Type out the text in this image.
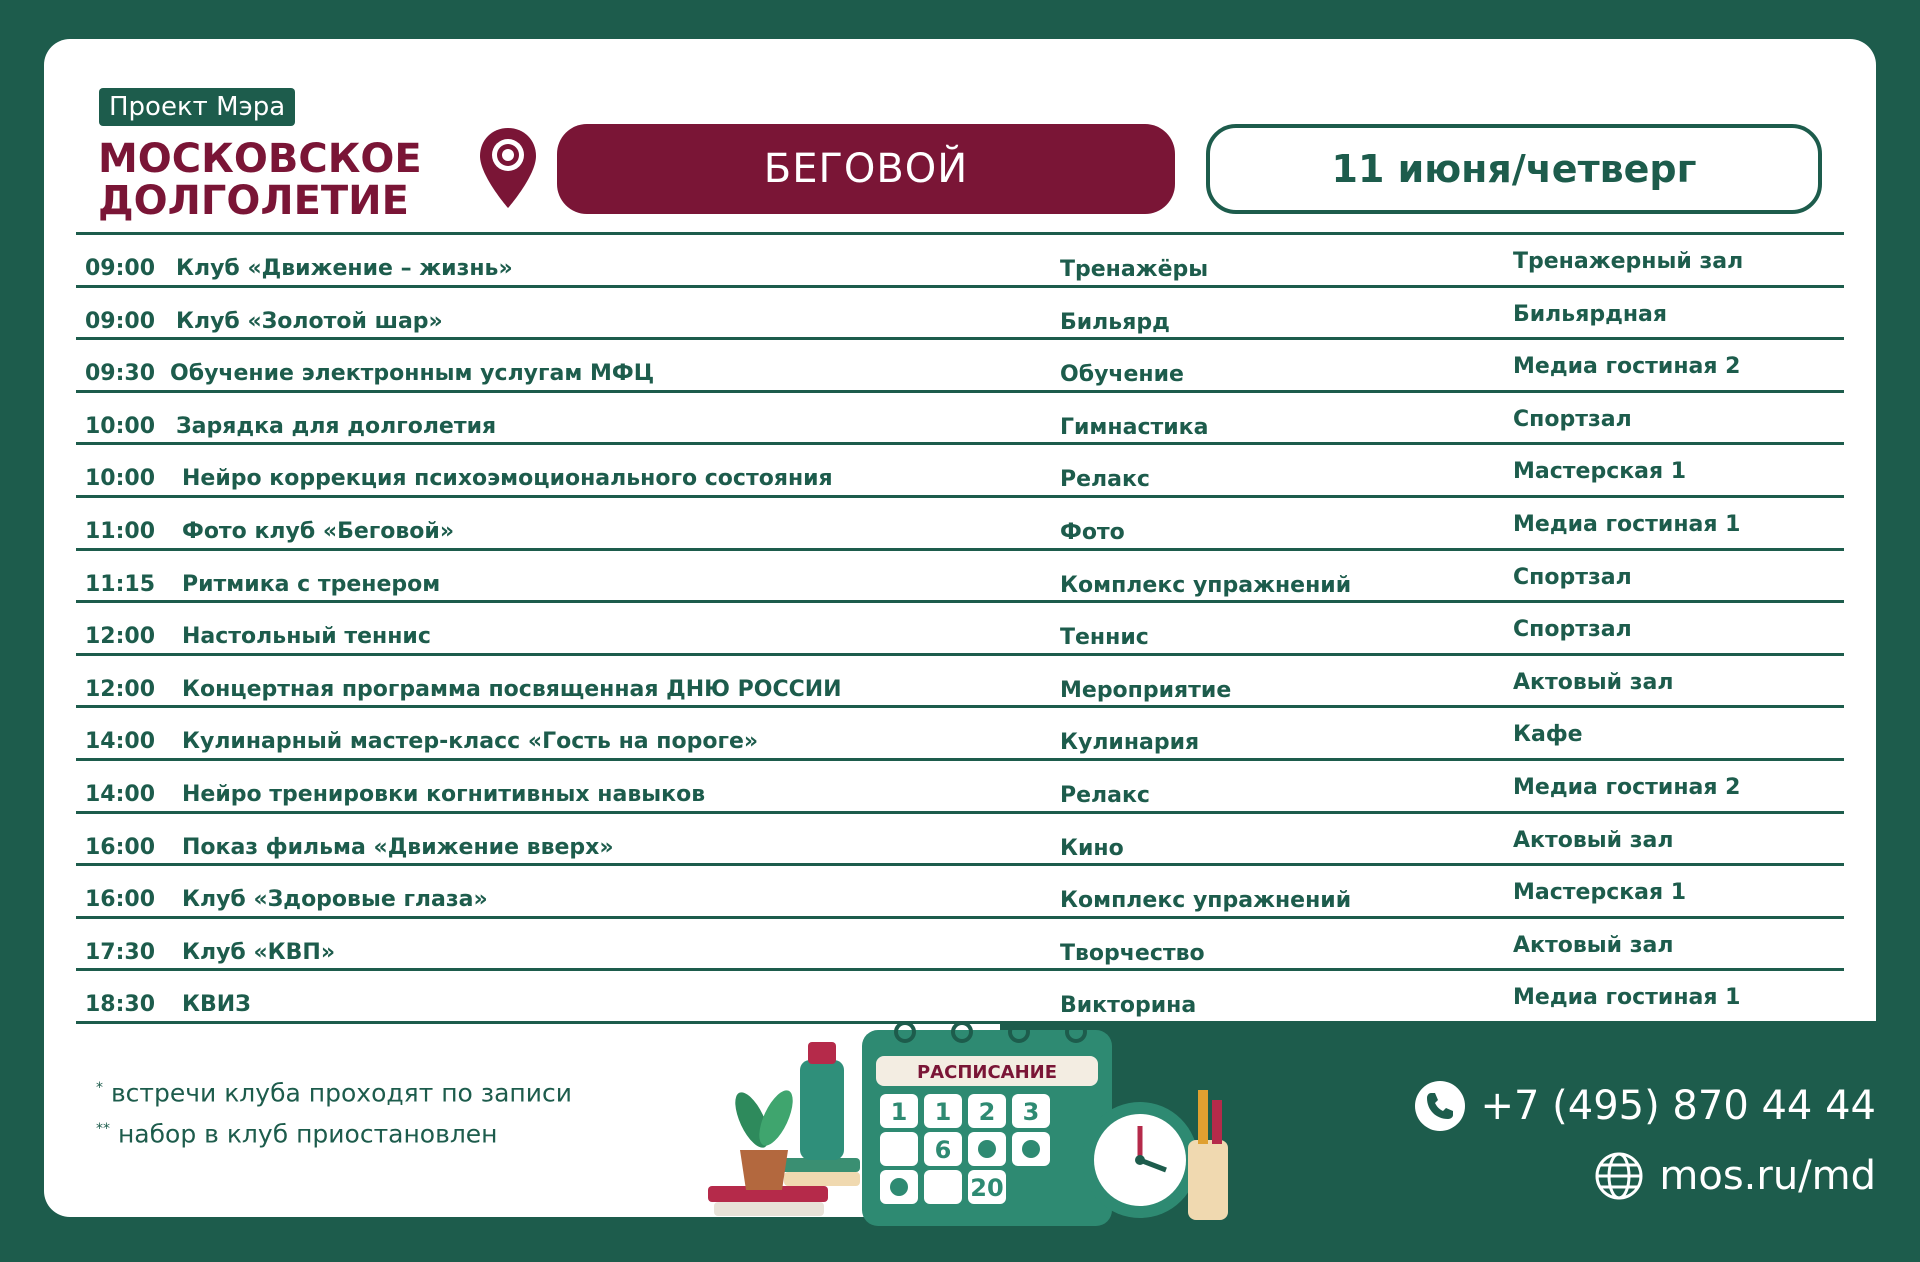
Проект Мэра
МОСКОВСКОЕ
ДОЛГОЛЕТИЕ
БЕГОВОЙ	11 июня/четверг
09:00 Клуб «Движение – жизнь»	Тренажёры	Тренажерный зал
09:00 Клуб «Золотой шар»	Бильярд	Бильярдная
09:30 Обучение электронным услугам МФЦ	Обучение	Медиа гостиная 2
10:00 Зарядка для долголетия	Гимнастика	Спортзал
10:00 Нейро коррекция психоэмоционального состояния	Релакс	Мастерская 1
11:00 Фото клуб «Беговой»	Фото	Медиа гостиная 1
11:15 Ритмика с тренером	Комплекс упражнений	Спортзал
12:00 Настольный теннис	Теннис	Спортзал
12:00 Концертная программа посвященная ДНЮ РОССИИ	Мероприятие	Актовый зал
14:00 Кулинарный мастер-класс «Гость на пороге»	Кулинария	Кафе
14:00 Нейро тренировки когнитивных навыков	Релакс	Медиа гостиная 2
16:00 Показ фильма «Движение вверх»	Кино	Актовый зал
16:00 Клуб «Здоровые глаза»	Комплекс упражнений	Мастерская 1
17:30 Клуб «КВП»	Творчество	Актовый зал
18:30 КВИЗ	Викторина	Медиа гостиная 1
* встречи клуба проходят по записи
** набор в клуб приостановлен
РАСПИСАНИЕ
1 1 2 3
6
20
+7 (495) 870 44 44
mos.ru/md
